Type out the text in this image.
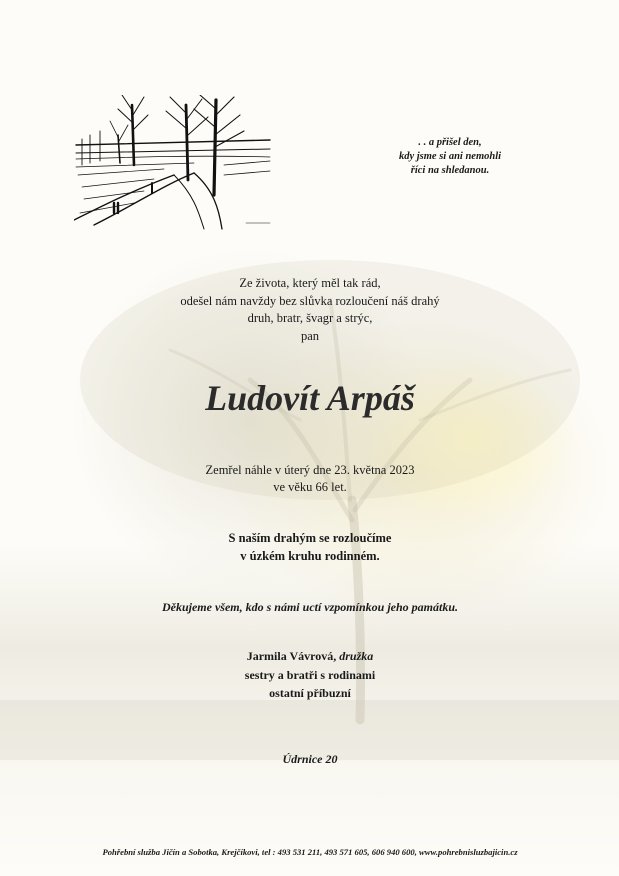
. . a přišel den,
kdy jsme si ani nemohli
říci na shledanou.
Ze života, který měl tak rád,
odešel nám navždy bez slůvka rozloučení náš drahý
druh, bratr, švagr a strýc,
pan
Ludovít Arpáš
Zemřel náhle v úterý dne 23. května 2023
ve věku 66 let.
S naším drahým se rozloučíme
v úzkém kruhu rodinném.
Děkujeme všem, kdo s námi uctí vzpomínkou jeho památku.
Jarmila Vávrová, družka
sestry a bratři s rodinami
ostatní příbuzní
Údrnice 20
Pohřební služba Jičín a Sobotka, Krejčíkovi, tel : 493 531 211, 493 571 605, 606 940 600, www.pohrebnisluzbajicin.cz
